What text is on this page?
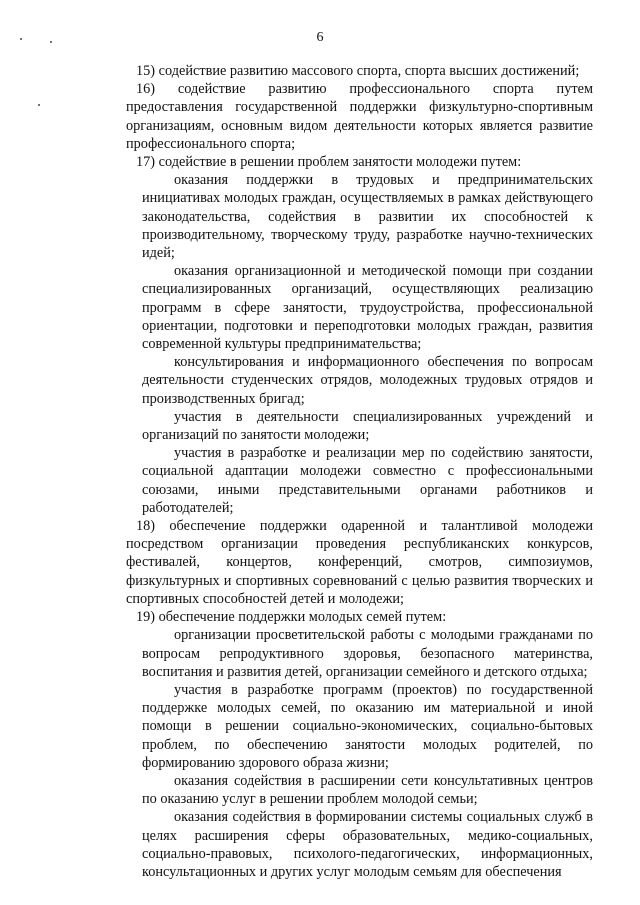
6

15) содействие развитию массового спорта, спорта высших достижений;

16) содействие развитию профессионального спорта путем предоставления государственной поддержки физкультурно-спортивным организациям, основным видом деятельности которых является развитие профессионального спорта;

17) содействие в решении проблем занятости молодежи путем:

оказания поддержки в трудовых и предпринимательских инициативах молодых граждан, осуществляемых в рамках действующего законодательства, содействия в развитии их способностей к производительному, творческому труду, разработке научно-технических идей;

оказания организационной и методической помощи при создании специализированных организаций, осуществляющих реализацию программ в сфере занятости, трудоустройства, профессиональной ориентации, подготовки и переподготовки молодых граждан, развития современной культуры предпринимательства;

консультирования и информационного обеспечения по вопросам деятельности студенческих отрядов, молодежных трудовых отрядов и производственных бригад;

участия в деятельности специализированных учреждений и организаций по занятости молодежи;

участия в разработке и реализации мер по содействию занятости, социальной адаптации молодежи совместно с профессиональными союзами, иными представительными органами работников и работодателей;

18) обеспечение поддержки одаренной и талантливой молодежи посредством организации проведения республиканских конкурсов, фестивалей, концертов, конференций, смотров, симпозиумов, физкультурных и спортивных соревнований с целью развития творческих и спортивных способностей детей и молодежи;

19) обеспечение поддержки молодых семей путем:

организации просветительской работы с молодыми гражданами по вопросам репродуктивного здоровья, безопасного материнства, воспитания и развития детей, организации семейного и детского отдыха;

участия в разработке программ (проектов) по государственной поддержке молодых семей, по оказанию им материальной и иной помощи в решении социально-экономических, социально-бытовых проблем, по обеспечению занятости молодых родителей, по формированию здорового образа жизни;

оказания содействия в расширении сети консультативных центров по оказанию услуг в решении проблем молодой семьи;

оказания содействия в формировании системы социальных служб в целях расширения сферы образовательных, медико-социальных, социально-правовых, психолого-педагогических, информационных, консультационных и других услуг молодым семьям для обеспечения
